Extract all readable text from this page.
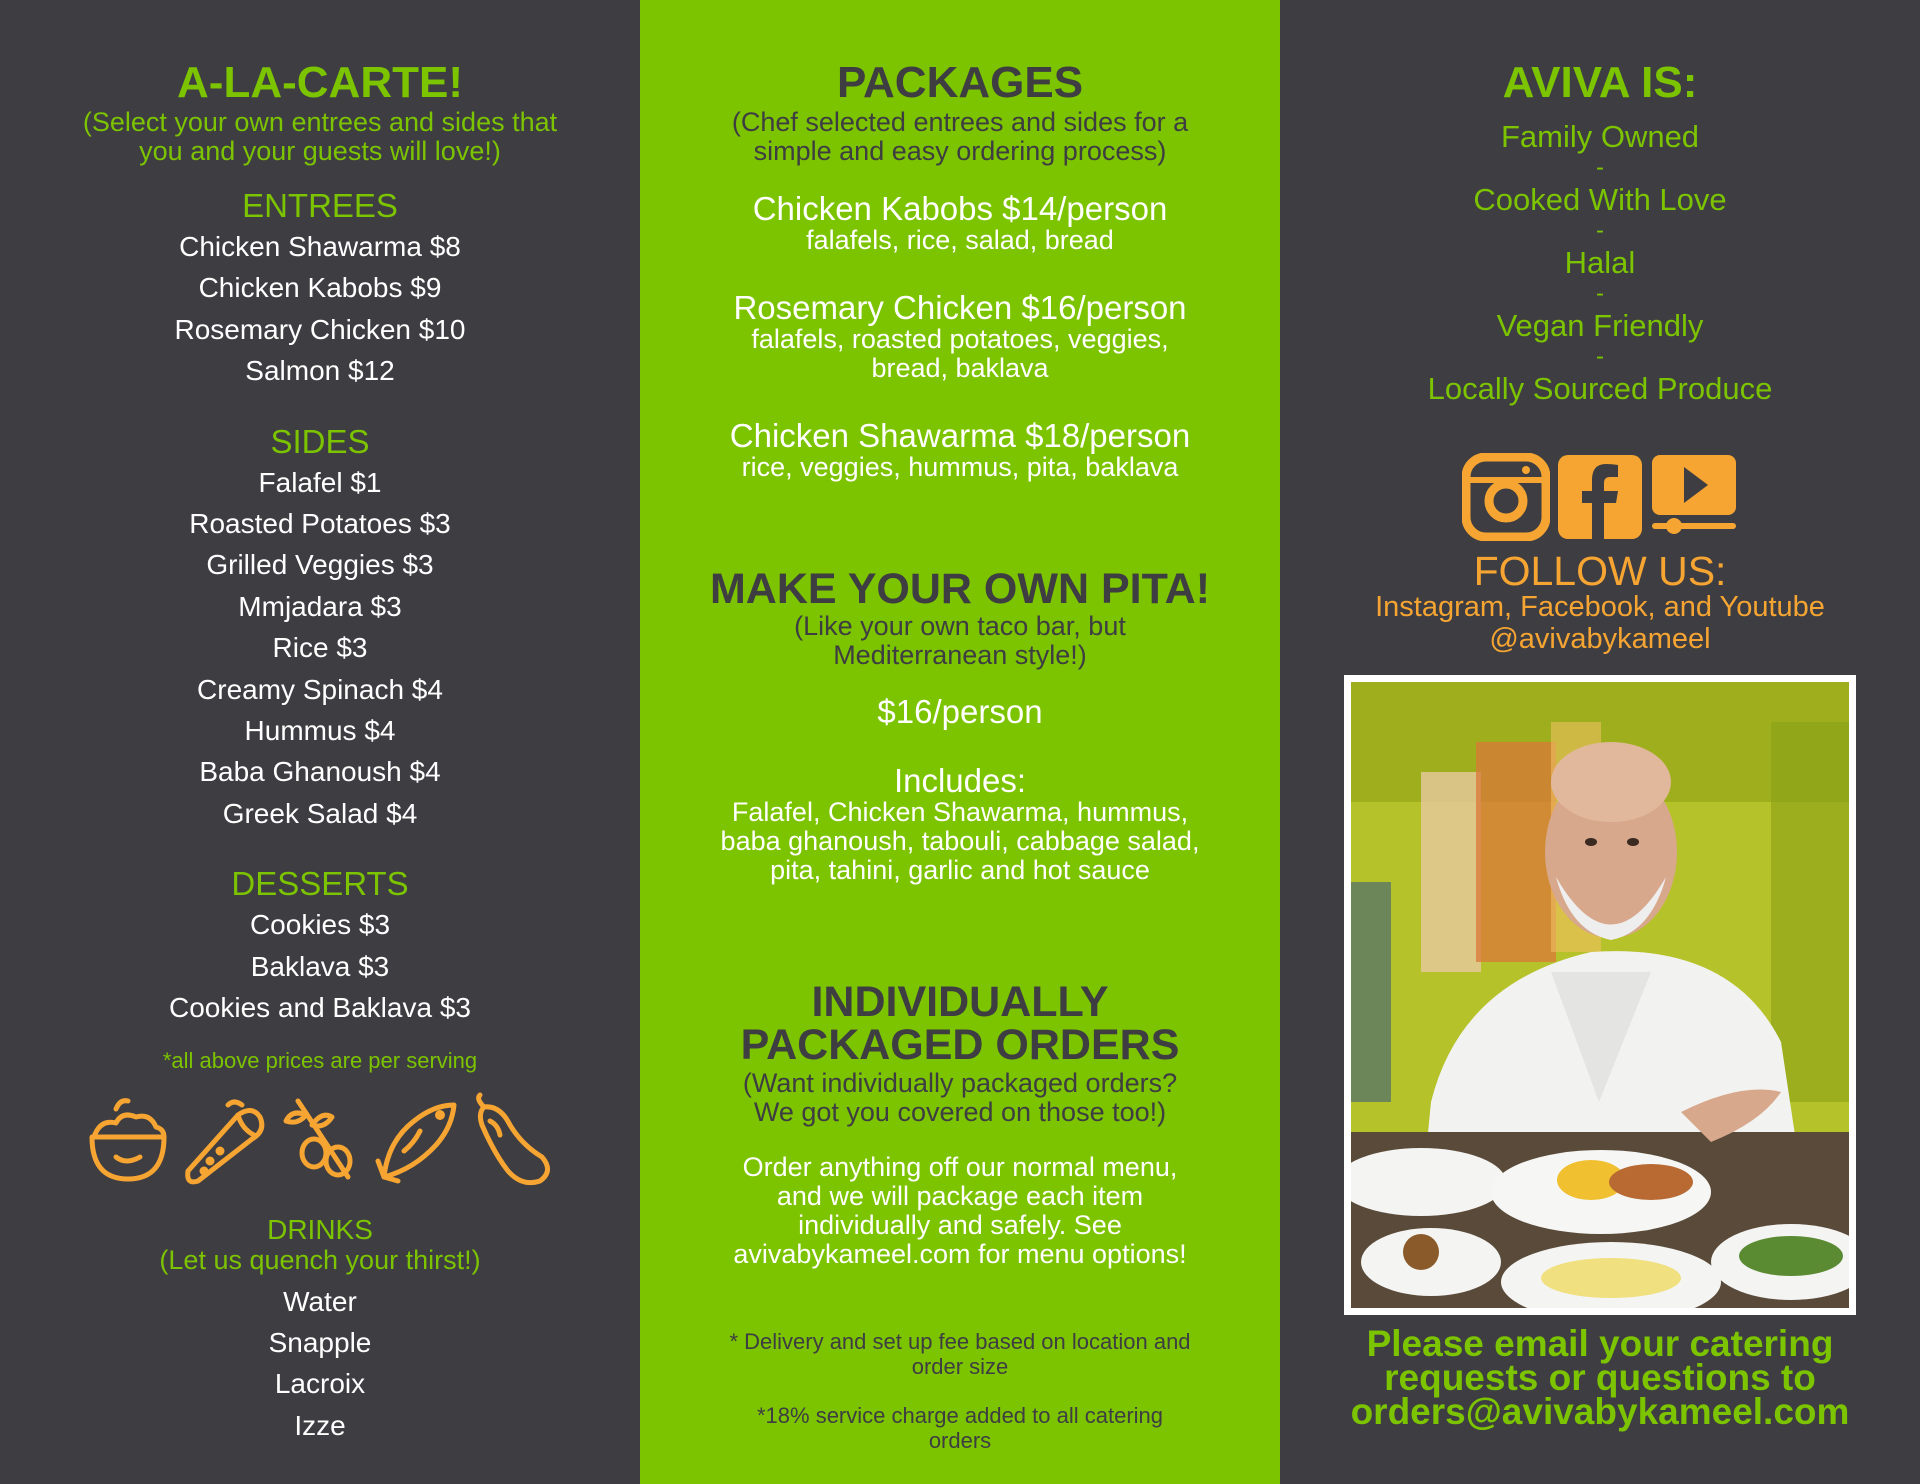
A-LA-CARTE!

(Select your own entrees and sides that

you and your guests will love!)

ENTREES

Chicken Shawarma $8
Chicken Kabobs $9
Rosemary Chicken $10
Salmon $12

SIDES

Falafel $1
Roasted Potatoes $3
Grilled Veggies $3
Mmjadara $3
Rice $3
Creamy Spinach $4
Hummus $4
Baba Ghanoush $4
Greek Salad $4

DESSERTS

Cookies $3
Baklava $3
Cookies and Baklava $3

*all above prices are per serving

DRINKS

(Let us quench your thirst!)

Water
Snapple
Lacroix
Izze

PACKAGES

(Chef selected entrees and sides for a

simple and easy ordering process)

Chicken Kabobs $14/person
falafels, rice, salad, bread
Rosemary Chicken $16/person
falafels, roasted potatoes, veggies,
bread, baklava
Chicken Shawarma $18/person
rice, veggies, hummus, pita, baklava
MAKE YOUR OWN PITA!

(Like your own taco bar, but

Mediterranean style!)

$16/person
Includes:
Falafel, Chicken Shawarma, hummus,
baba ghanoush, tabouli, cabbage salad,
pita, tahini, garlic and hot sauce
INDIVIDUALLY
PACKAGED ORDERS

(Want individually packaged orders?

We got you covered on those too!)

Order anything off our normal menu,
and we will package each item
individually and safely. See
avivabykameel.com for menu options!
* Delivery and set up fee based on location and
order size
*18% service charge added to all catering
orders
AVIVA IS:
Family Owned
-
Cooked With Love
-
Halal
-
Vegan Friendly
-
Locally Sourced Produce
FOLLOW US:
Instagram, Facebook, and Youtube
@avivabykameel
Please email your catering
requests or questions to
orders@avivabykameel.com
